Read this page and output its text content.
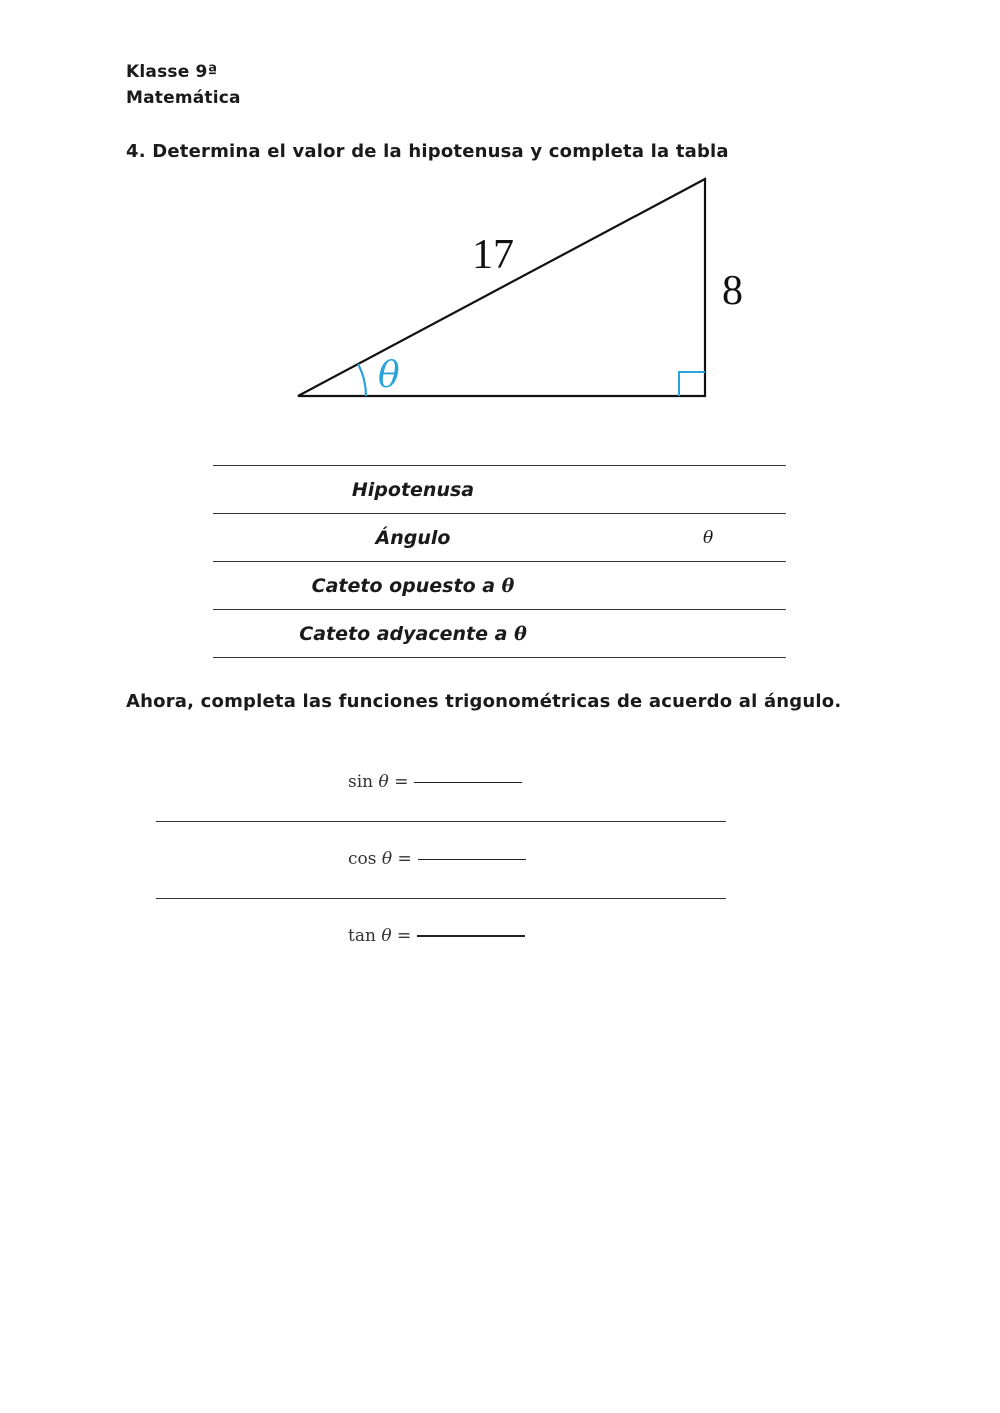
Klasse 9ª
Matemática
4. Determina el valor de la hipotenusa y completa la tabla
θ
17
8
Hipotenusa	
Ángulo	θ
Cateto opuesto a θ	
Cateto adyacente a θ	
Ahora, completa las funciones trigonométricas de acuerdo al ángulo.
sin
θ
=
cos
θ
=
tan
θ
=
